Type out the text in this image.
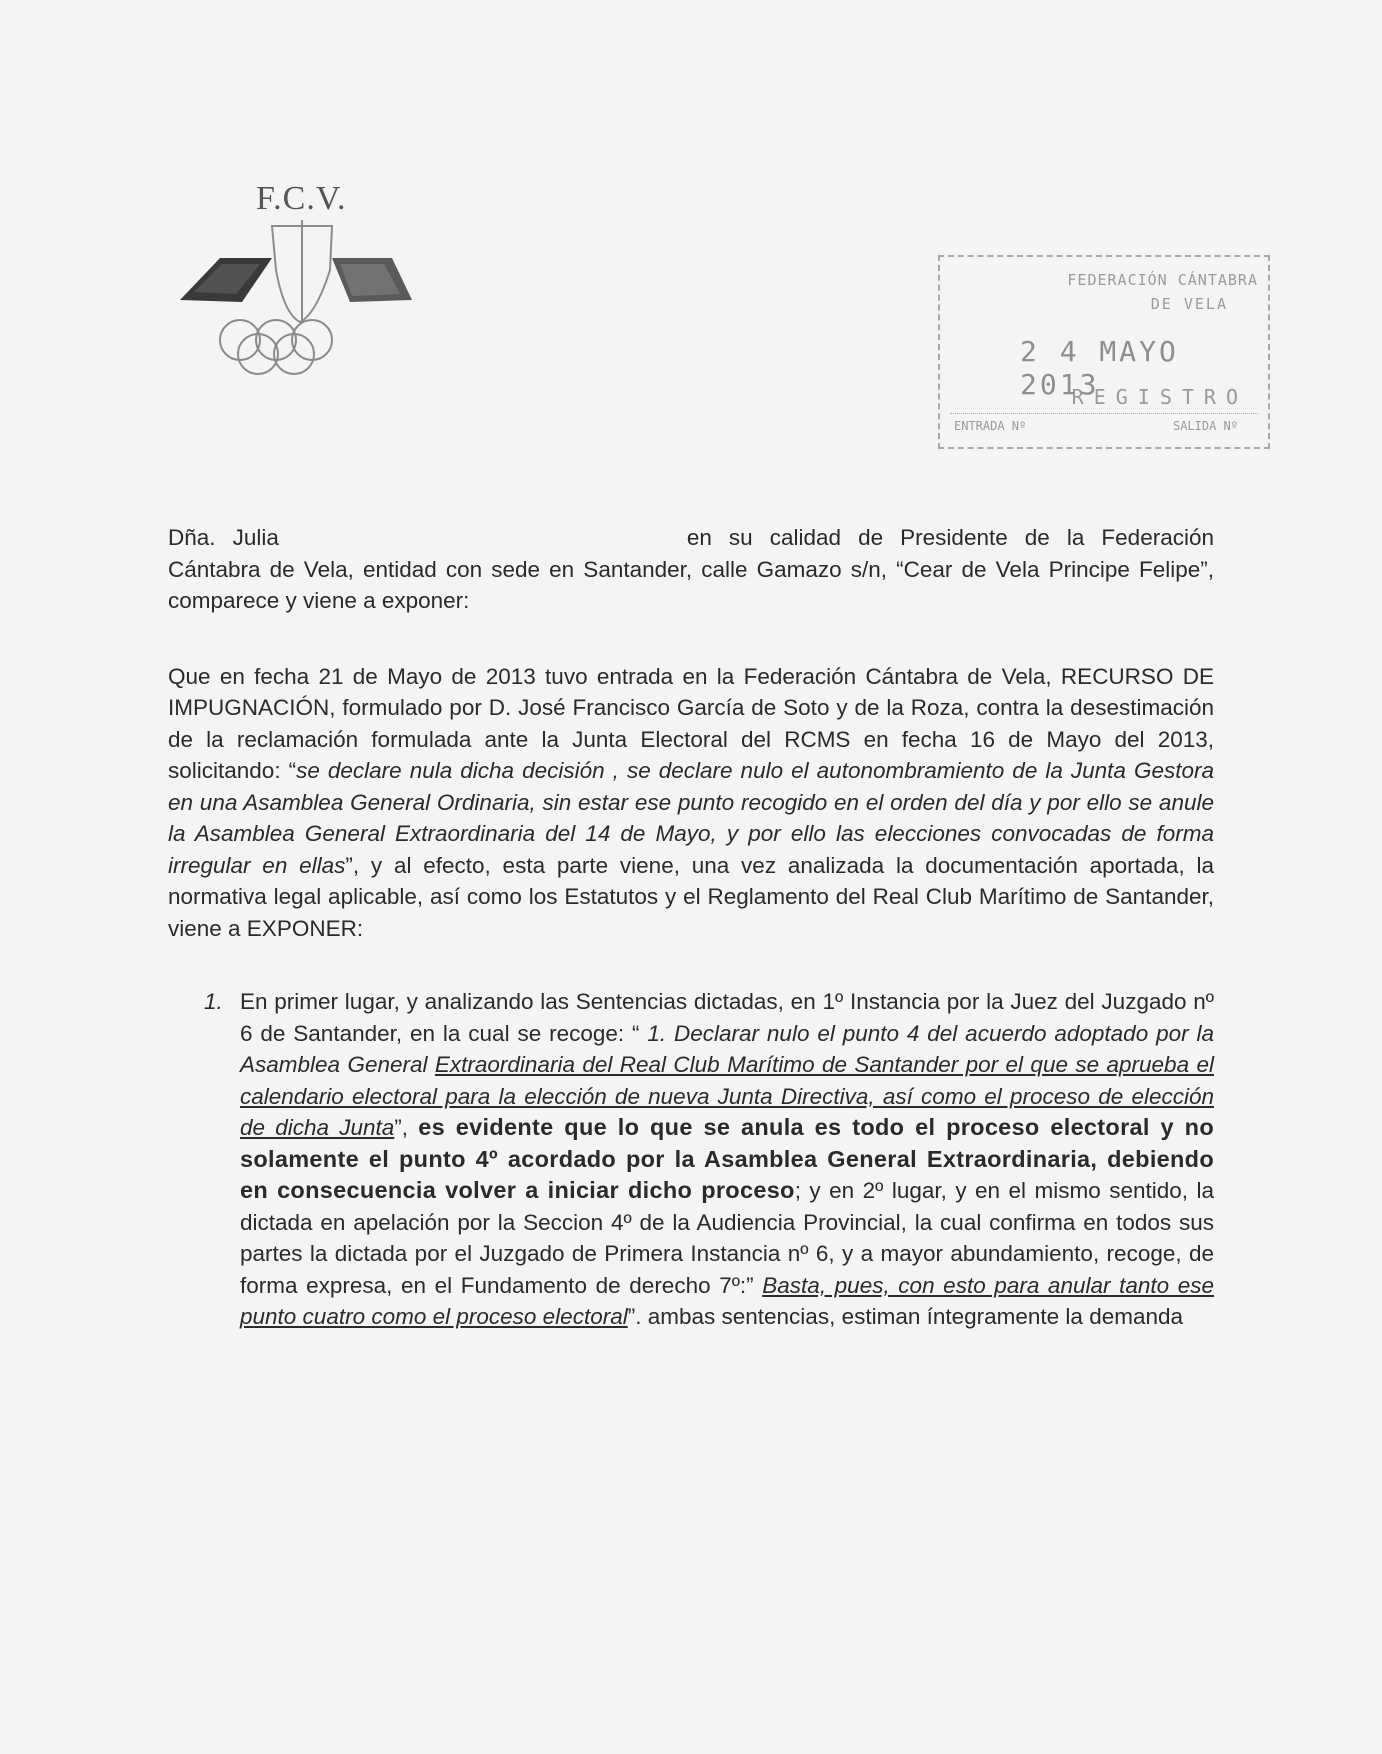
F.C.V.
FEDERACIÓN CÁNTABRA
DE VELA
2 4 MAYO 2013
REGISTRO
ENTRADA Nº	SALIDA Nº

Dña. Julia	en su calidad de Presidente de la Federación Cántabra de Vela, entidad con sede en Santander, calle Gamazo s/n, “Cear de Vela Principe Felipe”, comparece y viene a exponer:

Que en fecha 21 de Mayo de 2013 tuvo entrada en la Federación Cántabra de Vela, RECURSO DE IMPUGNACIÓN, formulado por D. José Francisco García de Soto y de la Roza, contra la desestimación de la reclamación formulada ante la Junta Electoral del RCMS en fecha 16 de Mayo del 2013, solicitando: “se declare nula dicha decisión , se declare nulo el autonombramiento de la Junta Gestora en una Asamblea General Ordinaria, sin estar ese punto recogido en el orden del día y por ello se anule la Asamblea General Extraordinaria del 14 de Mayo, y por ello las elecciones convocadas de forma irregular en ellas”, y al efecto, esta parte viene, una vez analizada la documentación aportada, la normativa legal aplicable, así como los Estatutos y el Reglamento del Real Club Marítimo de Santander, viene a EXPONER:

1. En primer lugar, y analizando las Sentencias dictadas, en 1º Instancia por la Juez del Juzgado nº 6 de Santander, en la cual se recoge: “ 1. Declarar nulo el punto 4 del acuerdo adoptado por la Asamblea General Extraordinaria del Real Club Marítimo de Santander por el que se aprueba el calendario electoral para la elección de nueva Junta Directiva, así como el proceso de elección de dicha Junta”, es evidente que lo que se anula es todo el proceso electoral y no solamente el punto 4º acordado por la Asamblea General Extraordinaria, debiendo en consecuencia volver a iniciar dicho proceso; y en 2º lugar, y en el mismo sentido, la dictada en apelación por la Seccion 4º de la Audiencia Provincial, la cual confirma en todos sus partes la dictada por el Juzgado de Primera Instancia nº 6, y a mayor abundamiento, recoge, de forma expresa, en el Fundamento de derecho 7º:” Basta, pues, con esto para anular tanto ese punto cuatro como el proceso electoral”. ambas sentencias, estiman íntegramente la demanda
